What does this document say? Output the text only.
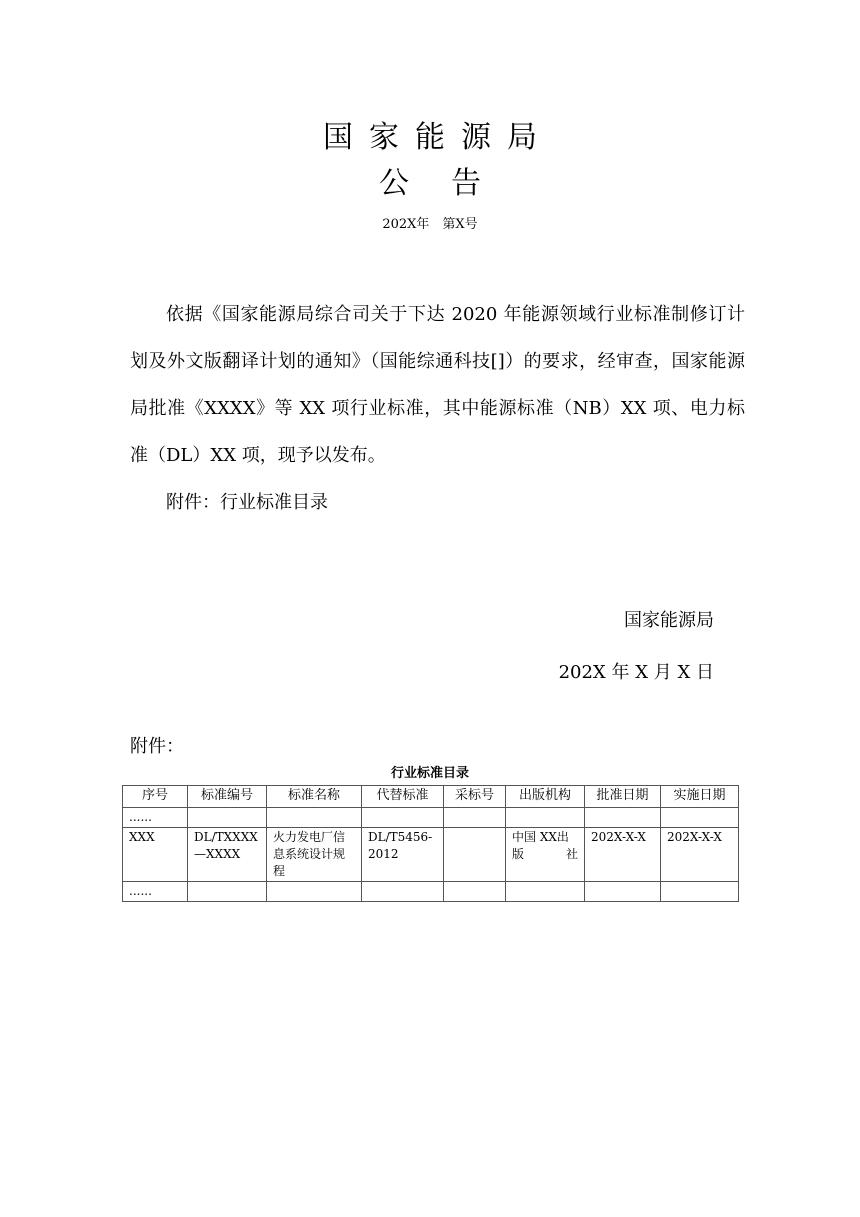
国家能源局
公告
202X年　第X号

依据《国家能源局综合司关于下达 2020 年能源领域行业标准制修订计划及外文版翻译计划的通知》（国能综通科技[]）的要求，经审查，国家能源局批准《XXXX》等 XX 项行业标准，其中能源标准（NB）XX 项、电力标准（DL）XX 项，现予以发布。

附件：行业标准目录

国家能源局
202X 年 X 月 X 日
附件：
行业标准目录
序号	标准编号	标准名称	代替标准	采标号	出版机构	批准日期	实施日期
......							
XXX	DL/TXXXX—XXXX	火力发电厂信息系统设计规程	DL/T5456-2012		中国 XX出版社	202X-X-X	202X-X-X
......							
